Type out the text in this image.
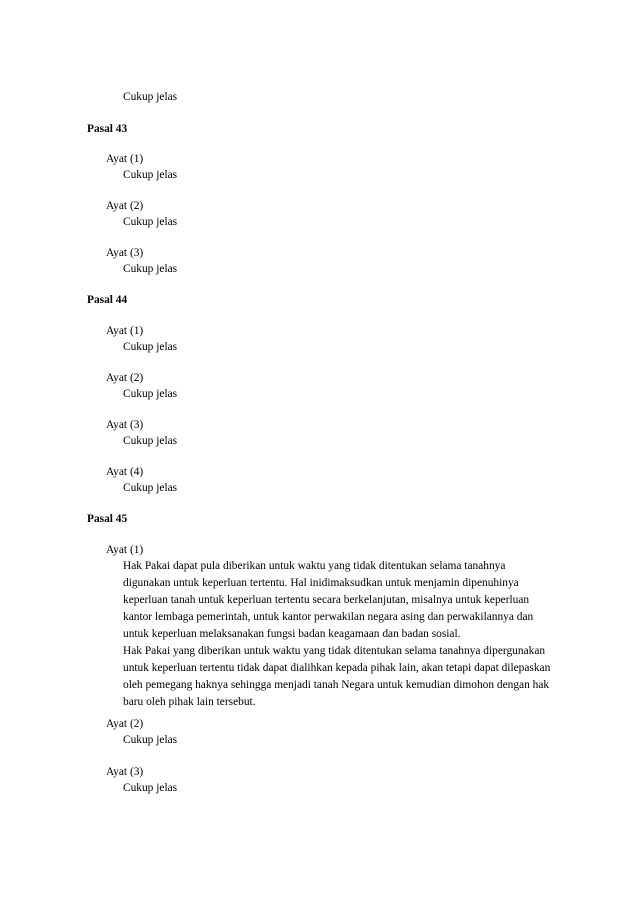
Cukup jelas
Pasal 43
Ayat (1)
Cukup jelas
Ayat (2)
Cukup jelas
Ayat (3)
Cukup jelas
Pasal 44
Ayat (1)
Cukup jelas
Ayat (2)
Cukup jelas
Ayat (3)
Cukup jelas
Ayat (4)
Cukup jelas
Pasal 45
Ayat (1)
Hak Pakai dapat pula diberikan untuk waktu yang tidak ditentukan selama tanahnya
digunakan untuk keperluan tertentu. Hal inidimaksudkan untuk menjamin dipenuhinya
keperluan tanah untuk keperluan tertentu secara berkelanjutan, misalnya untuk keperluan
kantor lembaga pemerintah, untuk kantor perwakilan negara asing dan perwakilannya dan
untuk keperluan melaksanakan fungsi badan keagamaan dan badan sosial.
Hak Pakai yang diberikan untuk waktu yang tidak ditentukan selama tanahnya dipergunakan
untuk keperluan tertentu tidak dapat dialihkan kepada pihak lain, akan tetapi dapat dilepaskan
oleh pemegang haknya sehingga menjadi tanah Negara untuk kemudian dimohon dengan hak
baru oleh pihak lain tersebut.
Ayat (2)
Cukup jelas
Ayat (3)
Cukup jelas
